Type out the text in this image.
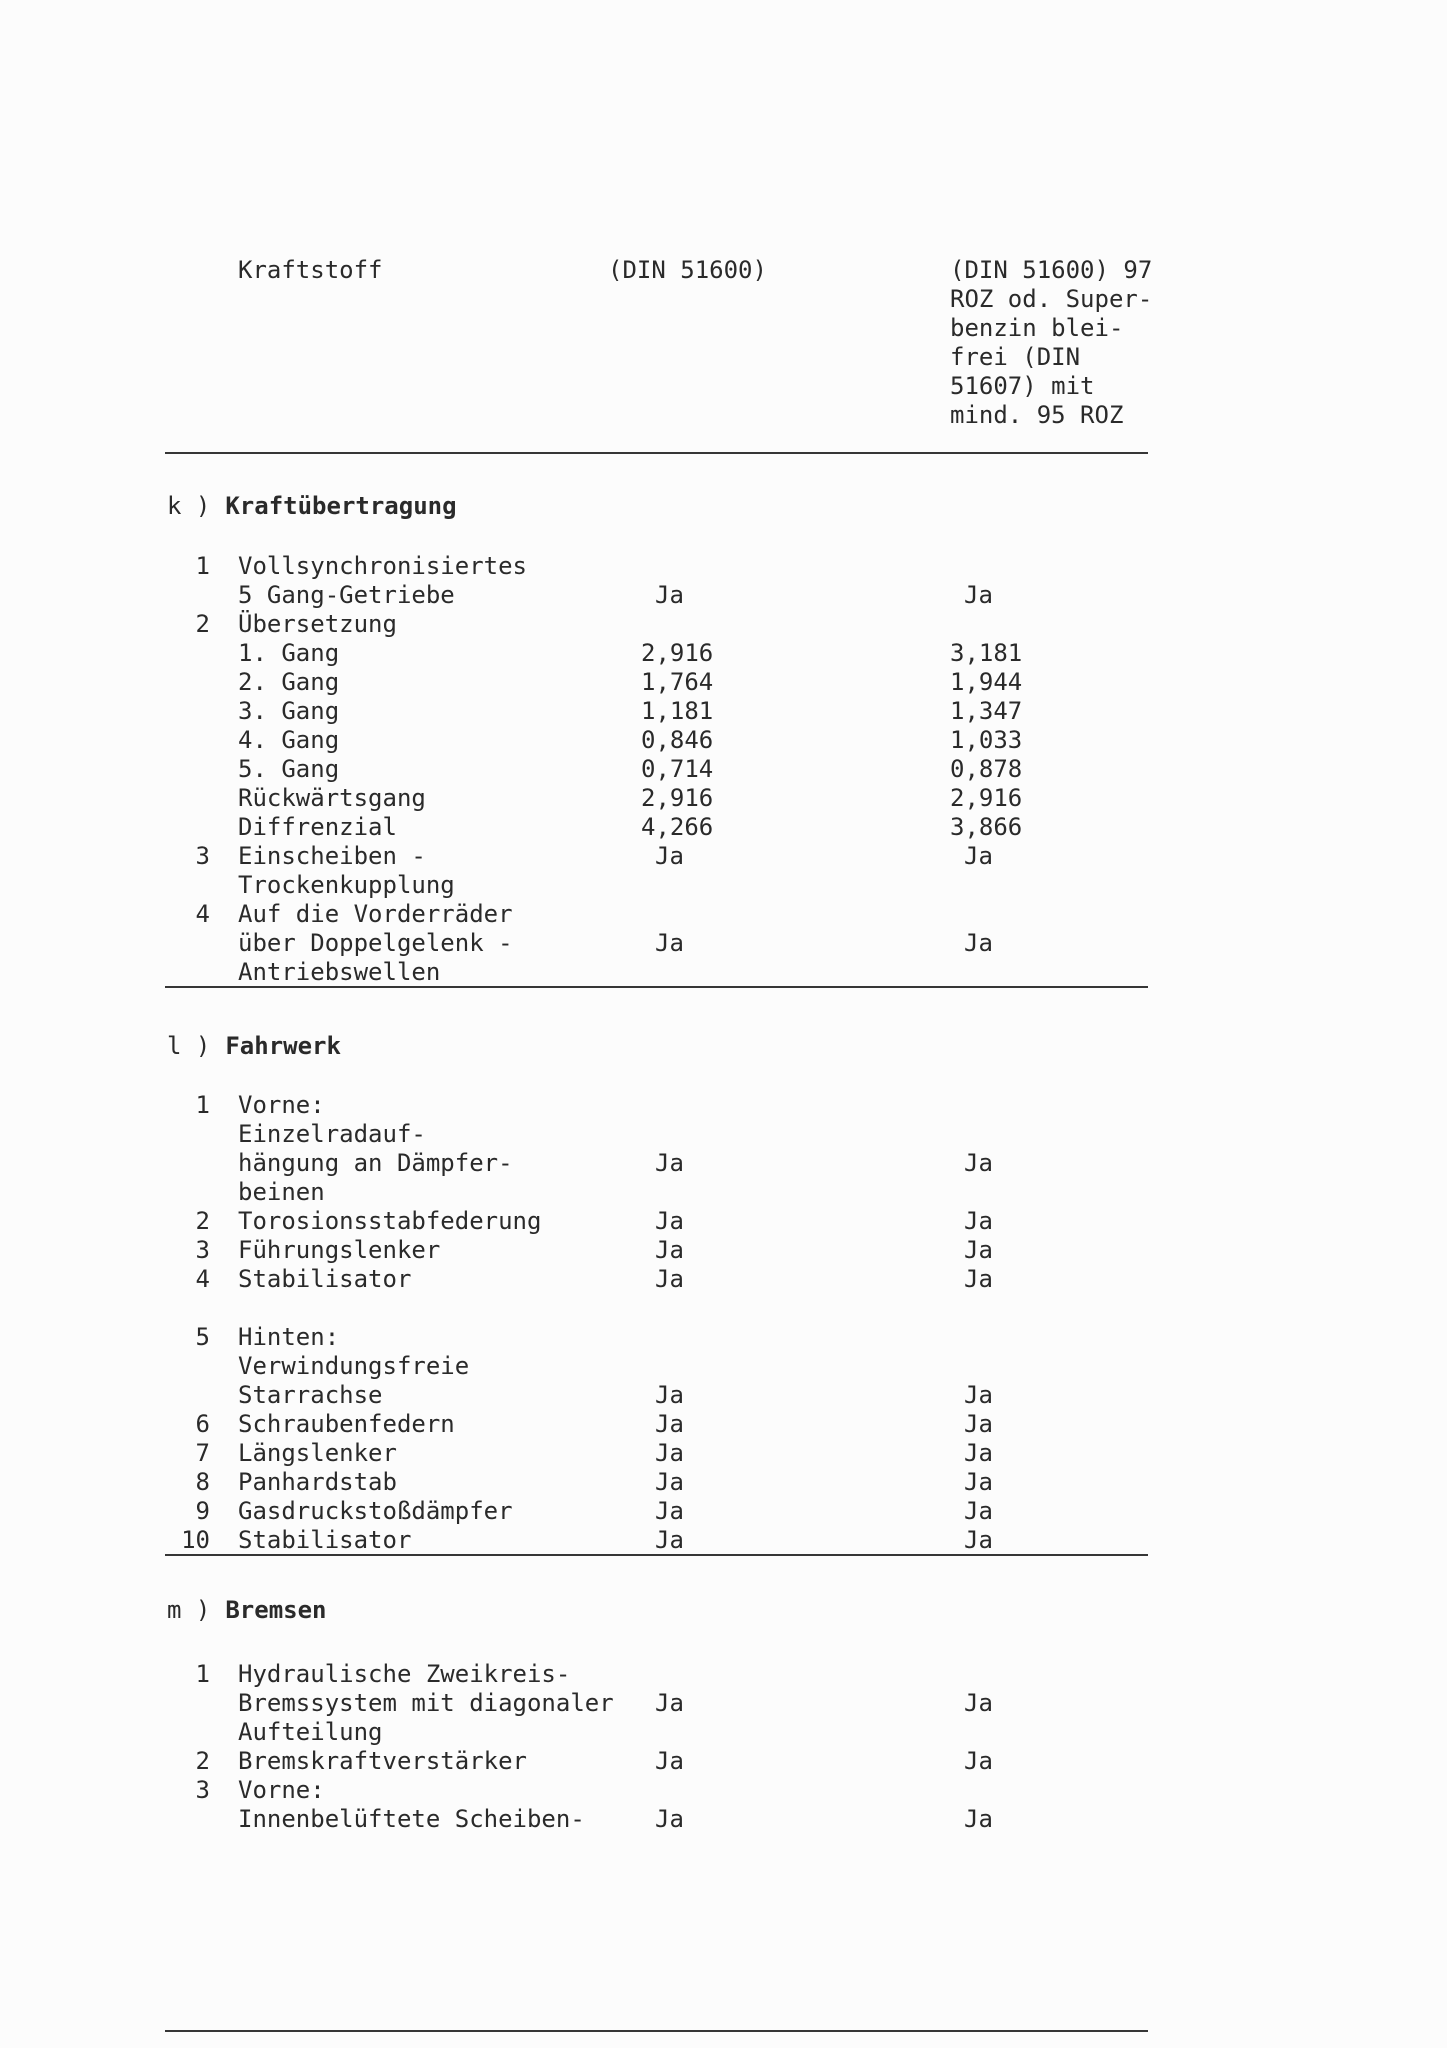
Kraftstoff	(DIN 51600)	(DIN 51600) 97
ROZ od. Super-
benzin blei-
frei (DIN
51607) mit
mind. 95 ROZ
k ) Kraftübertragung
1	Vollsynchronisiertes
5 Gang-Getriebe	Ja	Ja
2	Übersetzung
1. Gang	2,916	3,181
2. Gang	1,764	1,944
3. Gang	1,181	1,347
4. Gang	0,846	1,033
5. Gang	0,714	0,878
Rückwärtsgang	2,916	2,916
Diffrenzial	4,266	3,866
3	Einscheiben -	Ja	Ja
Trockenkupplung
4	Auf die Vorderräder
über Doppelgelenk -	Ja	Ja
Antriebswellen
l ) Fahrwerk
1	Vorne:
Einzelradauf-
hängung an Dämpfer-	Ja	Ja
beinen
2	Torosionsstabfederung	Ja	Ja
3	Führungslenker	Ja	Ja
4	Stabilisator	Ja	Ja
5	Hinten:
Verwindungsfreie
Starrachse	Ja	Ja
6	Schraubenfedern	Ja	Ja
7	Längslenker	Ja	Ja
8	Panhardstab	Ja	Ja
9	Gasdruckstoßdämpfer	Ja	Ja
10	Stabilisator	Ja	Ja
m ) Bremsen
1	Hydraulische Zweikreis-
Bremssystem mit diagonaler	Ja	Ja
Aufteilung
2	Bremskraftverstärker	Ja	Ja
3	Vorne:
Innenbelüftete Scheiben-	Ja	Ja
